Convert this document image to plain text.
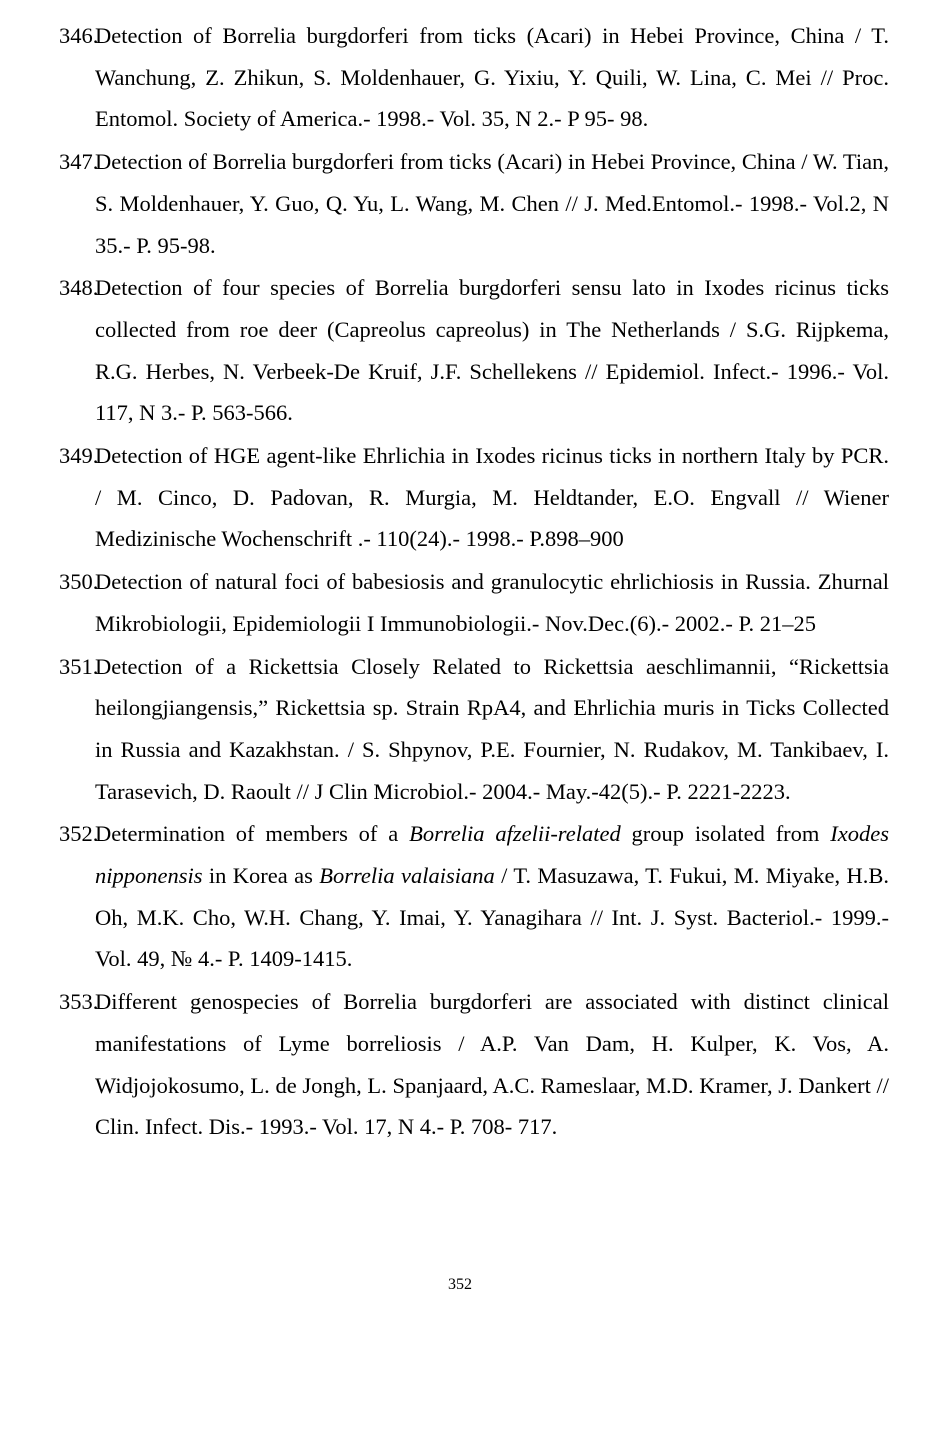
346.
Detection of Borrelia burgdorferi from ticks (Acari) in Hebei Province, China / T. Wanchung, Z. Zhikun, S. Moldenhauer, G. Yixiu, Y. Quili, W. Lina, C. Mei // Proc. Entomol. Society of America.- 1998.- Vol. 35, N 2.- P 95- 98.
347.
Detection of Borrelia burgdorferi from ticks (Acari) in Hebei Province, China / W. Tian, S. Moldenhauer, Y. Guo, Q. Yu, L. Wang, M. Chen // J. Med.Entomol.- 1998.- Vol.2, N 35.- P. 95-98.
348.
Detection of four species of Borrelia burgdorferi sensu lato in Ixodes ricinus ticks collected from roe deer (Capreolus capreolus) in The Netherlands / S.G. Rijpkema, R.G. Herbes, N. Verbeek-De Kruif, J.F. Schellekens // Epidemiol. Infect.- 1996.- Vol. 117, N 3.- P. 563-566.
349.
Detection of HGE agent-like Ehrlichia in Ixodes ricinus ticks in northern Italy by PCR. / M. Cinco, D. Padovan, R. Murgia, M. Heldtander, E.O. Engvall // Wiener Medizinische Wochenschrift .- 110(24).- 1998.- P.898–900
350.
Detection of natural foci of babesiosis and granulocytic ehrlichiosis in Russia. Zhurnal Mikrobiologii, Epidemiologii I Immunobiologii.- Nov.Dec.(6).- 2002.- P. 21–25
351.
Detection of a Rickettsia Closely Related to Rickettsia aeschlimannii, “Rickettsia heilongjiangensis,” Rickettsia sp. Strain RpA4, and Ehrlichia muris in Ticks Collected in Russia and Kazakhstan. / S. Shpynov, P.E. Fournier, N. Rudakov, M. Tankibaev, I. Tarasevich, D. Raoult // J Clin Microbiol.- 2004.- May.-42(5).- P. 2221-2223.
352.
Determination of members of a Borrelia afzelii-related group isolated from Ixodes nipponensis in Korea as Borrelia valaisiana / T. Masuzawa, T. Fukui, M. Miyake, H.B. Oh, M.K. Cho, W.H. Chang, Y. Imai, Y. Yanagihara // Int. J. Syst. Bacteriol.- 1999.- Vol. 49, № 4.- P. 1409-1415.
353.
Different genospecies of Borrelia burgdorferi are associated with distinct clinical manifestations of Lyme borreliosis / A.P. Van Dam, H. Kulper, K. Vos, A. Widjojokosumo, L. de Jongh, L. Spanjaard, A.C. Rameslaar, M.D. Kramer, J. Dankert // Clin. Infect. Dis.- 1993.- Vol. 17, N 4.- P. 708- 717.
352
